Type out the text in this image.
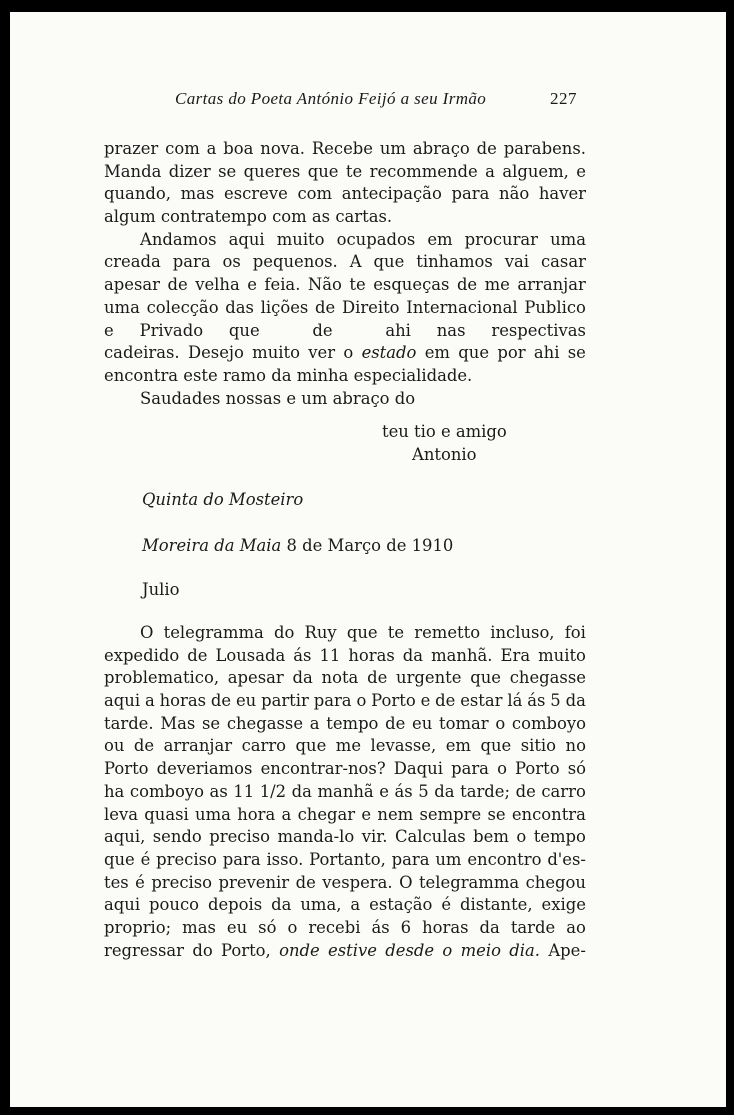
Cartas do Poeta António Feijó a seu Irmão	227
prazer com a boa nova. Recebe um abraço de parabens.
Manda dizer se queres que te recommende a alguem, e
quando, mas escreve com antecipação para não haver
algum contratempo com as cartas.
Andamos aqui muito ocupados em procurar uma
creada para os pequenos. A que tinhamos vai casar
apesar de velha e feia. Não te esqueças de me arranjar
uma colecção das lições de Direito Internacional Publico
e Privado que	de	ahi nas respectivas
cadeiras. Desejo muito ver o estado em que por ahi se
encontra este ramo da minha especialidade.
Saudades nossas e um abraço do
teu tio e amigo
Antonio
Quinta do Mosteiro
Moreira da Maia 8 de Março de 1910
Julio
O telegramma do Ruy que te remetto incluso, foi
expedido de Lousada ás 11 horas da manhã. Era muito
problematico, apesar da nota de urgente que chegasse
aqui a horas de eu partir para o Porto e de estar lá ás 5 da
tarde. Mas se chegasse a tempo de eu tomar o comboyo
ou de arranjar carro que me levasse, em que sitio no
Porto deveriamos encontrar-nos? Daqui para o Porto só
ha comboyo as 11 1/2 da manhã e ás 5 da tarde; de carro
leva quasi uma hora a chegar e nem sempre se encontra
aqui, sendo preciso manda-lo vir. Calculas bem o tempo
que é preciso para isso. Portanto, para um encontro d'es-
tes é preciso prevenir de vespera. O telegramma chegou
aqui pouco depois da uma, a estação é distante, exige
proprio; mas eu só o recebi ás 6 horas da tarde ao
regressar do Porto, onde estive desde o meio dia. Ape-
